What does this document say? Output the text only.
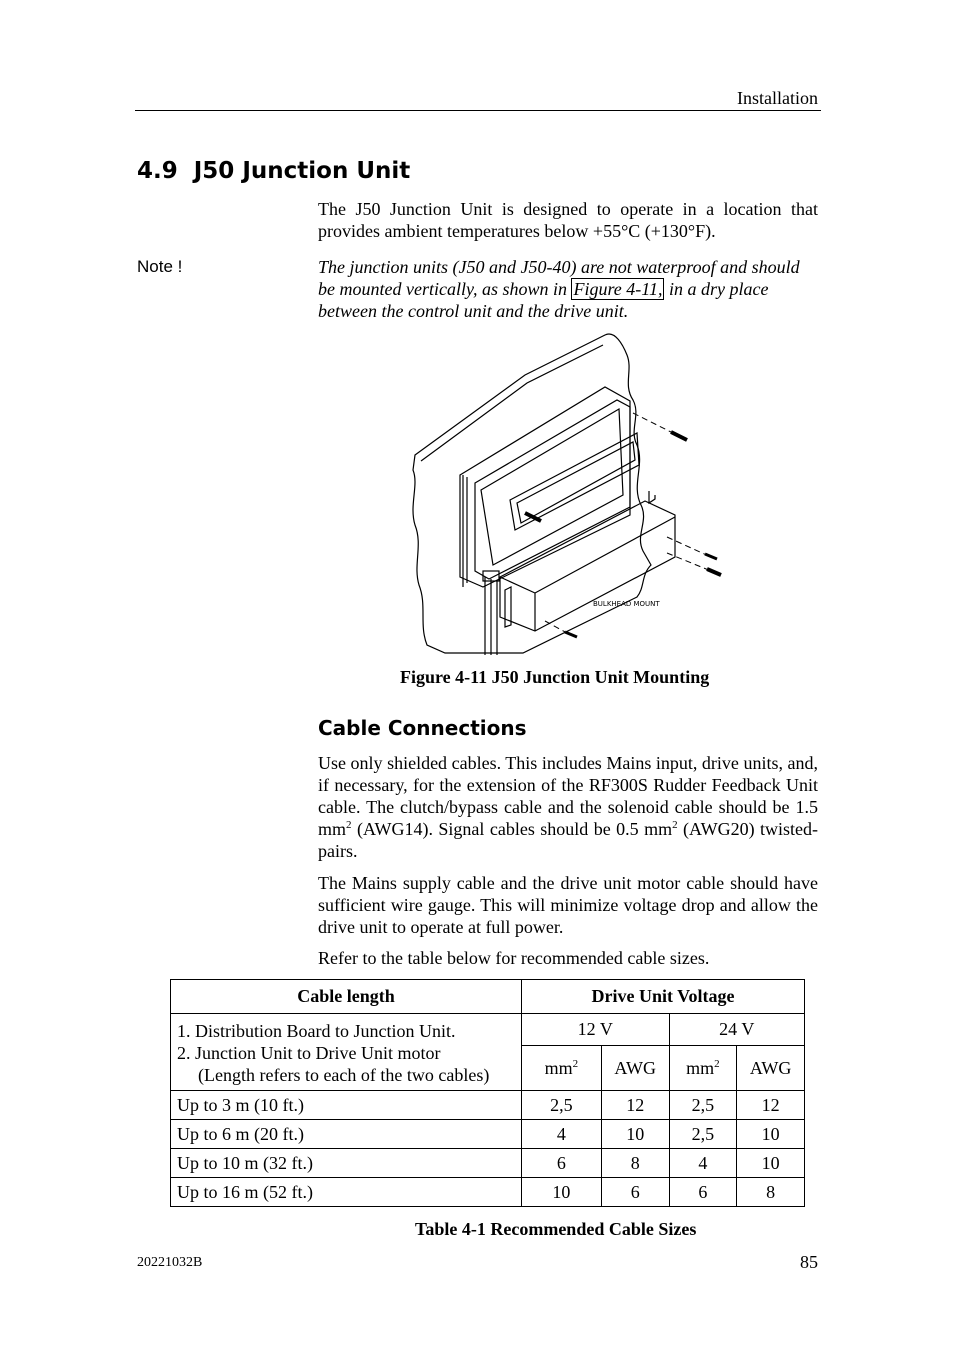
Installation
4.9 J50 Junction Unit
The J50 Junction Unit is designed to operate in a location that provides ambient temperatures below +55°C (+130°F).
Note !	The junction units (J50 and J50-40) are not waterproof and should be mounted vertically, as shown in Figure 4-11, in a dry place between the control unit and the drive unit.
BULKHEAD MOUNT
Figure 4-11 J50 Junction Unit Mounting
Cable Connections
Use only shielded cables. This includes Mains input, drive units, and, if necessary, for the extension of the RF300S Rudder Feedback Unit cable. The clutch/bypass cable and the solenoid cable should be 1.5 $mm^2$ (AWG14). Signal cables should be 0.5 $mm^2$ (AWG20) twisted-pairs.
The Mains supply cable and the drive unit motor cable should have sufficient wire gauge. This will minimize voltage drop and allow the drive unit to operate at full power.
Refer to the table below for recommended cable sizes.
Cable length	Drive Unit Voltage			

1. Distribution Board to Junction Unit.
2. Junction Unit to Drive Unit motor
(Length refers to each of the two cables)	12 V		24 V	
	$mm^2$	AWG	$mm^2$	AWG
Up to 3 m (10 ft.)	2,5	12	2,5	12
Up to 6 m (20 ft.)	4	10	2,5	10
Up to 10 m (32 ft.)	6	8	4	10
Up to 16 m (52 ft.)	10	6	6	8
Table 4-1 Recommended Cable Sizes
20221032B	85
